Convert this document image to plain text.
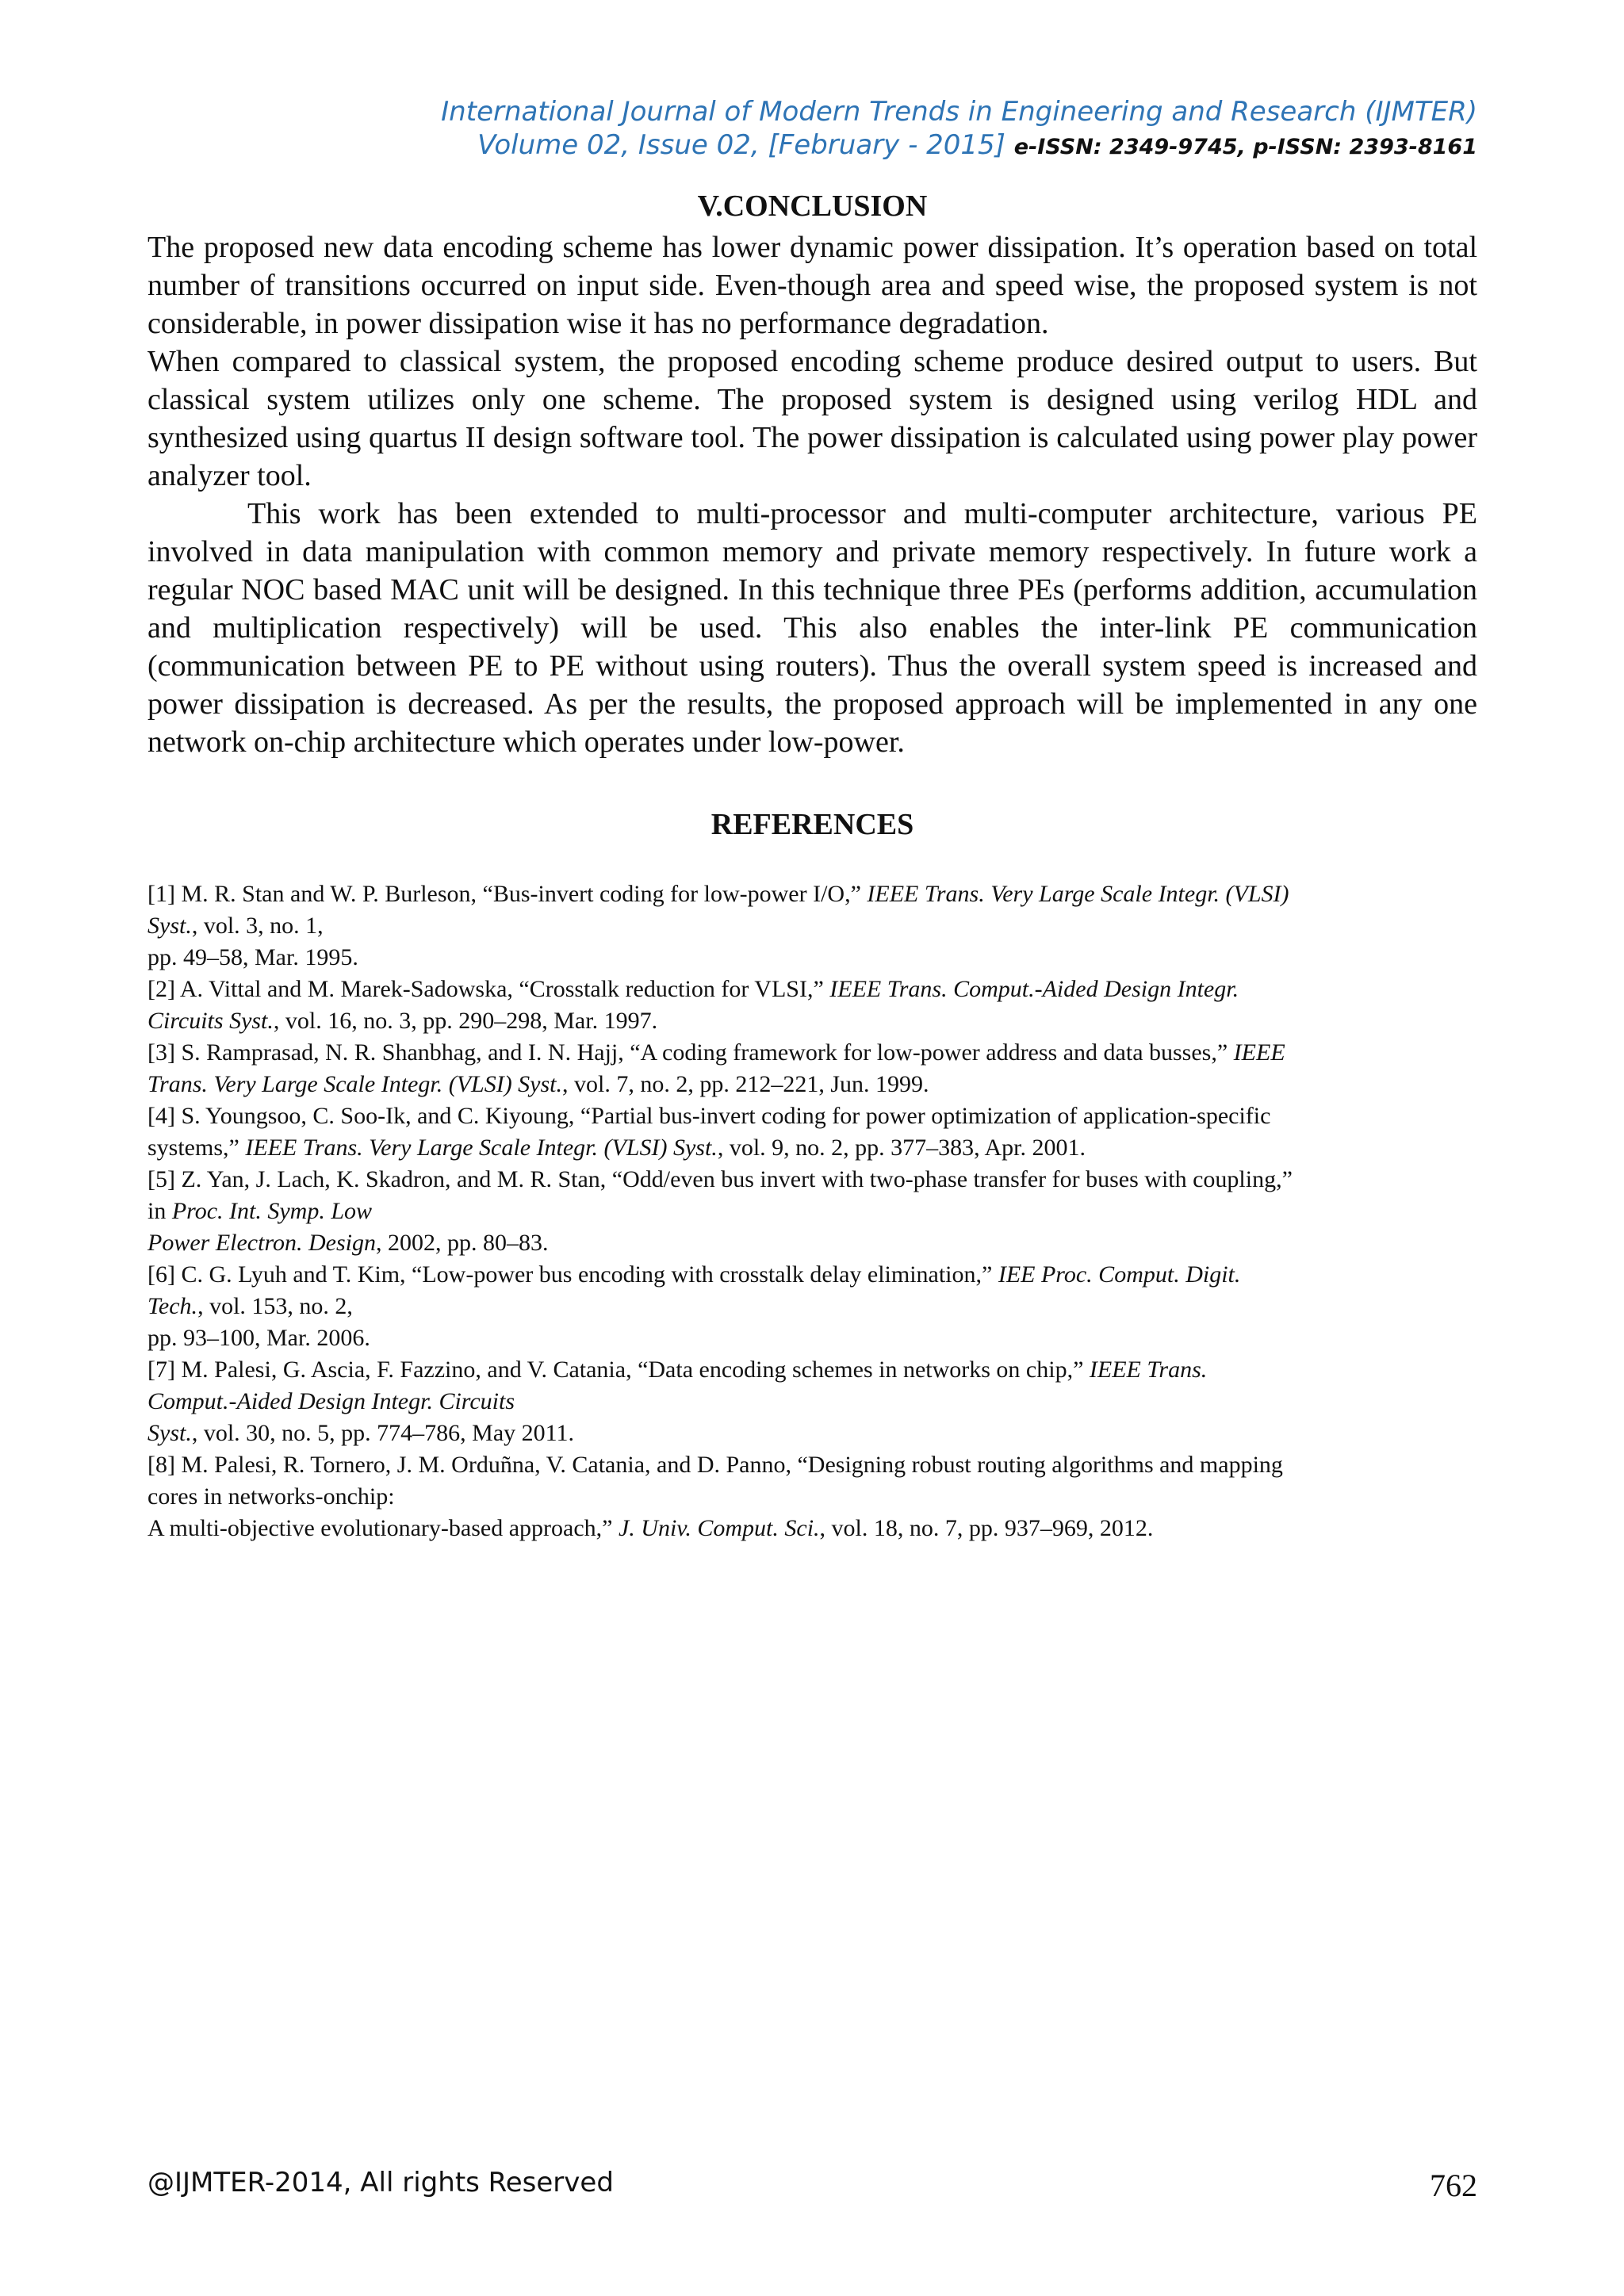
International Journal of Modern Trends in Engineering and Research (IJMTER)
Volume 02, Issue 02, [February - 2015] e-ISSN: 2349-9745, p-ISSN: 2393-8161
V.CONCLUSION

The proposed new data encoding scheme has lower dynamic power dissipation. It’s operation based on total number of transitions occurred on input side. Even-though area and speed wise, the proposed system is not considerable, in power dissipation wise it has no performance degradation.

When compared to classical system, the proposed encoding scheme produce desired output to users. But classical system utilizes only one scheme. The proposed system is designed using verilog HDL and synthesized using quartus II design software tool. The power dissipation is calculated using power play power analyzer tool.

This work has been extended to multi-processor and multi-computer architecture, various PE involved in data manipulation with common memory and private memory respectively. In future work a regular NOC based MAC unit will be designed. In this technique three PEs (performs addition, accumulation and multiplication respectively) will be used. This also enables the inter-link PE communication (communication between PE to PE without using routers). Thus the overall system speed is increased and power dissipation is decreased. As per the results, the proposed approach will be implemented in any one network on-chip architecture which operates under low-power.

REFERENCES
[1] M. R. Stan and W. P. Burleson, “Bus-invert coding for low-power I/O,” IEEE Trans. Very Large Scale Integr. (VLSI)
Syst., vol. 3, no. 1,
pp. 49–58, Mar. 1995.
[2] A. Vittal and M. Marek-Sadowska, “Crosstalk reduction for VLSI,” IEEE Trans. Comput.-Aided Design Integr.
Circuits Syst., vol. 16, no. 3, pp. 290–298, Mar. 1997.
[3] S. Ramprasad, N. R. Shanbhag, and I. N. Hajj, “A coding framework for low-power address and data busses,” IEEE
Trans. Very Large Scale Integr. (VLSI) Syst., vol. 7, no. 2, pp. 212–221, Jun. 1999.
[4] S. Youngsoo, C. Soo-Ik, and C. Kiyoung, “Partial bus-invert coding for power optimization of application-specific
systems,” IEEE Trans. Very Large Scale Integr. (VLSI) Syst., vol. 9, no. 2, pp. 377–383, Apr. 2001.
[5] Z. Yan, J. Lach, K. Skadron, and M. R. Stan, “Odd/even bus invert with two-phase transfer for buses with coupling,”
in Proc. Int. Symp. Low
Power Electron. Design, 2002, pp. 80–83.
[6] C. G. Lyuh and T. Kim, “Low-power bus encoding with crosstalk delay elimination,” IEE Proc. Comput. Digit.
Tech., vol. 153, no. 2,
pp. 93–100, Mar. 2006.
[7] M. Palesi, G. Ascia, F. Fazzino, and V. Catania, “Data encoding schemes in networks on chip,” IEEE Trans.
Comput.-Aided Design Integr. Circuits
Syst., vol. 30, no. 5, pp. 774–786, May 2011.
[8] M. Palesi, R. Tornero, J. M. Orduñna, V. Catania, and D. Panno, “Designing robust routing algorithms and mapping
cores in networks-onchip:
A multi-objective evolutionary-based approach,” J. Univ. Comput. Sci., vol. 18, no. 7, pp. 937–969, 2012.
@IJMTER-2014, All rights Reserved	762
